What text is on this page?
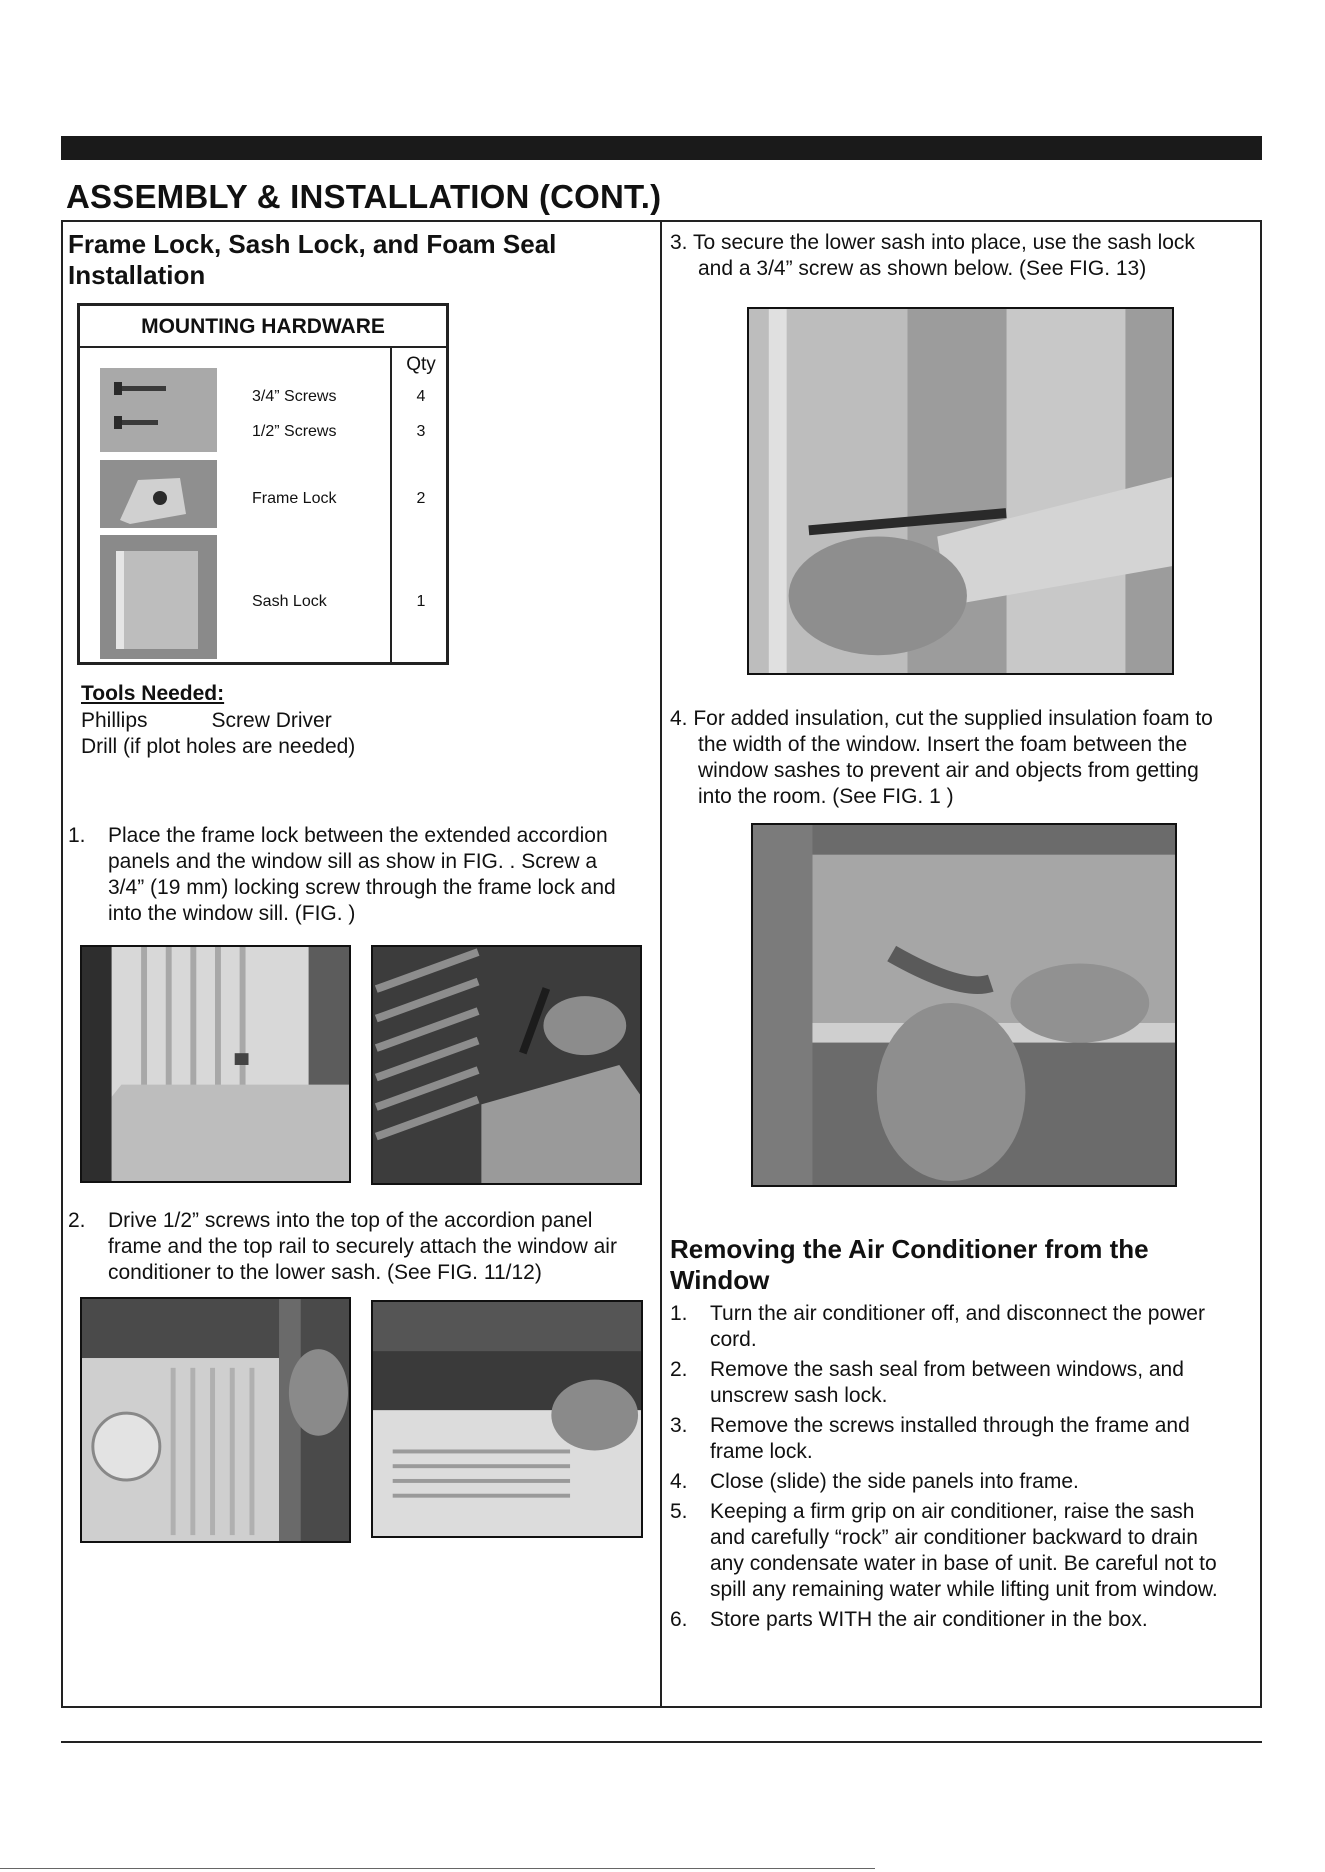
ASSEMBLY & INSTALLATION (CONT.)
Frame Lock, Sash Lock, and Foam Seal
Installation
MOUNTING HARDWARE
Qty
3/4” Screws	4
1/2” Screws	3
Frame Lock	2
Sash Lock	1
Tools Needed:

Phillips	Screw Driver

Drill (if plot holes are needed)

1. Place the frame lock between the extended accordion

panels and the window sill as show in FIG. . Screw a

3/4” (19 mm) locking screw through the frame lock and

into the window sill. (FIG. )

2. Drive 1/2” screws into the top of the accordion panel

frame and the top rail to securely attach the window air

conditioner to the lower sash. (See FIG. 11/12)

3. To secure the lower sash into place, use the sash lock

and a 3/4” screw as shown below. (See FIG. 13)

4. For added insulation, cut the supplied insulation foam to

the width of the window. Insert the foam between the

window sashes to prevent air and objects from getting

into the room. (See FIG. 1 )

Removing the Air Conditioner from the
Window

1. Turn the air conditioner off, and disconnect the power

cord.

2. Remove the sash seal from between windows, and

unscrew sash lock.

3. Remove the screws installed through the frame and

frame lock.

4. Close (slide) the side panels into frame.

5. Keeping a firm grip on air conditioner, raise the sash

and carefully “rock” air conditioner backward to drain

any condensate water in base of unit. Be careful not to

spill any remaining water while lifting unit from window.

6. Store parts WITH the air conditioner in the box.
